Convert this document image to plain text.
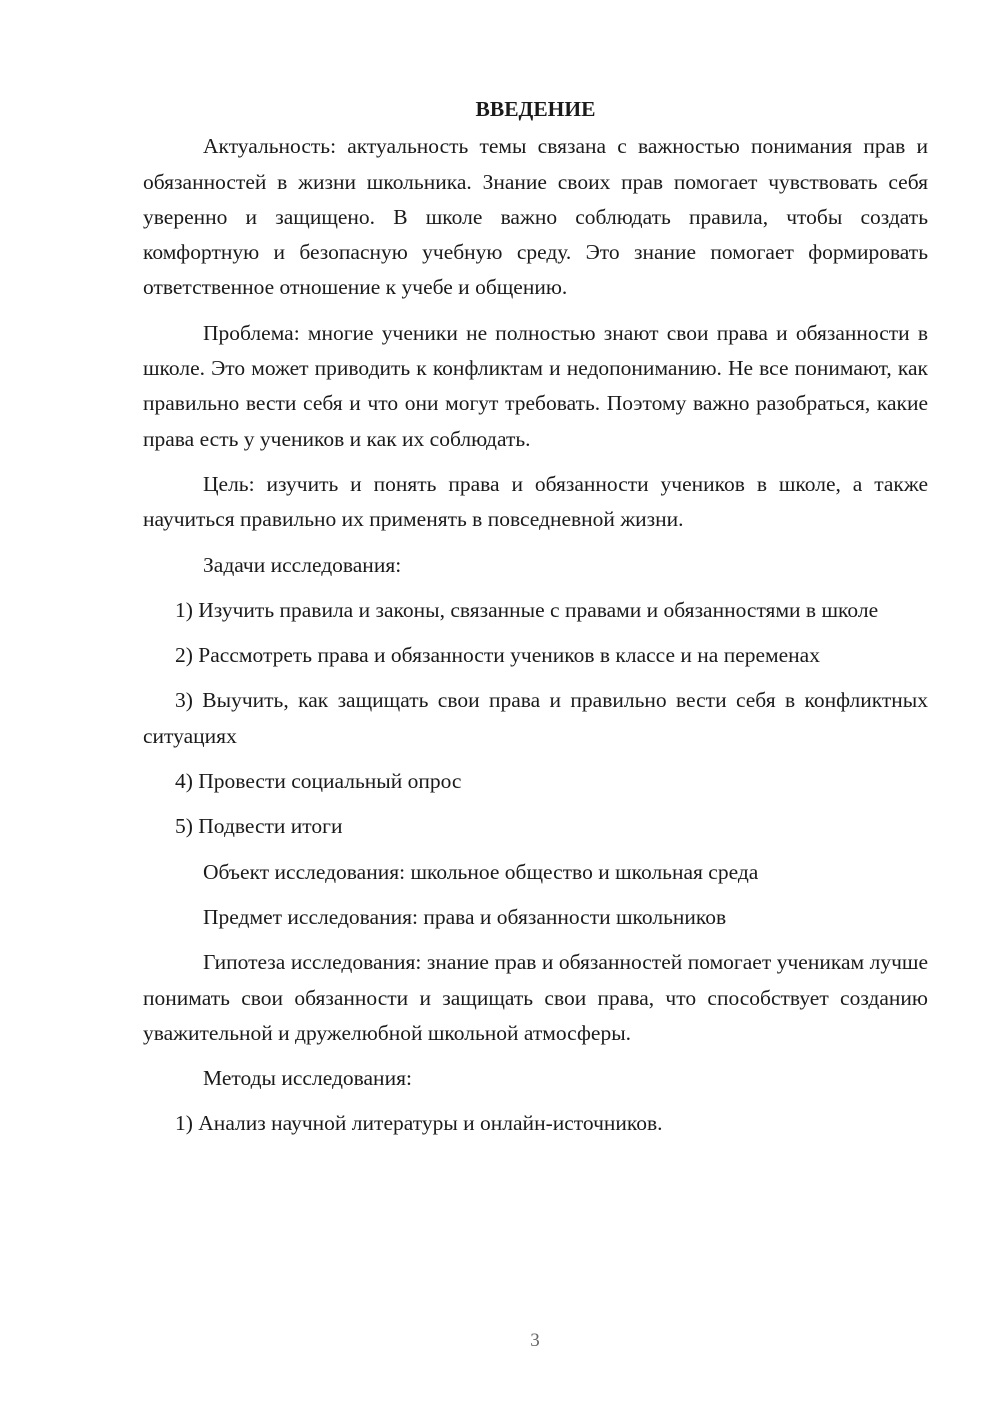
ВВЕДЕНИЕ

Актуальность: актуальность темы связана с важностью понимания прав и обязанностей в жизни школьника. Знание своих прав помогает чувствовать себя уверенно и защищено. В школе важно соблюдать правила, чтобы создать комфортную и безопасную учебную среду. Это знание помогает формировать ответственное отношение к учебе и общению.

Проблема: многие ученики не полностью знают свои права и обязанности в школе. Это может приводить к конфликтам и недопониманию. Не все понимают, как правильно вести себя и что они могут требовать. Поэтому важно разобраться, какие права есть у учеников и как их соблюдать.

Цель: изучить и понять права и обязанности учеников в школе, а также научиться правильно их применять в повседневной жизни.

Задачи исследования:

1) Изучить правила и законы, связанные с правами и обязанностями в школе

2) Рассмотреть права и обязанности учеников в классе и на переменах

3) Выучить, как защищать свои права и правильно вести себя в конфликтных ситуациях

4) Провести социальный опрос

5) Подвести итоги

Объект исследования: школьное общество и школьная среда

Предмет исследования: права и обязанности школьников

Гипотеза исследования: знание прав и обязанностей помогает ученикам лучше понимать свои обязанности и защищать свои права, что способствует созданию уважительной и дружелюбной школьной атмосферы.

Методы исследования:

1) Анализ научной литературы и онлайн-источников.

3
